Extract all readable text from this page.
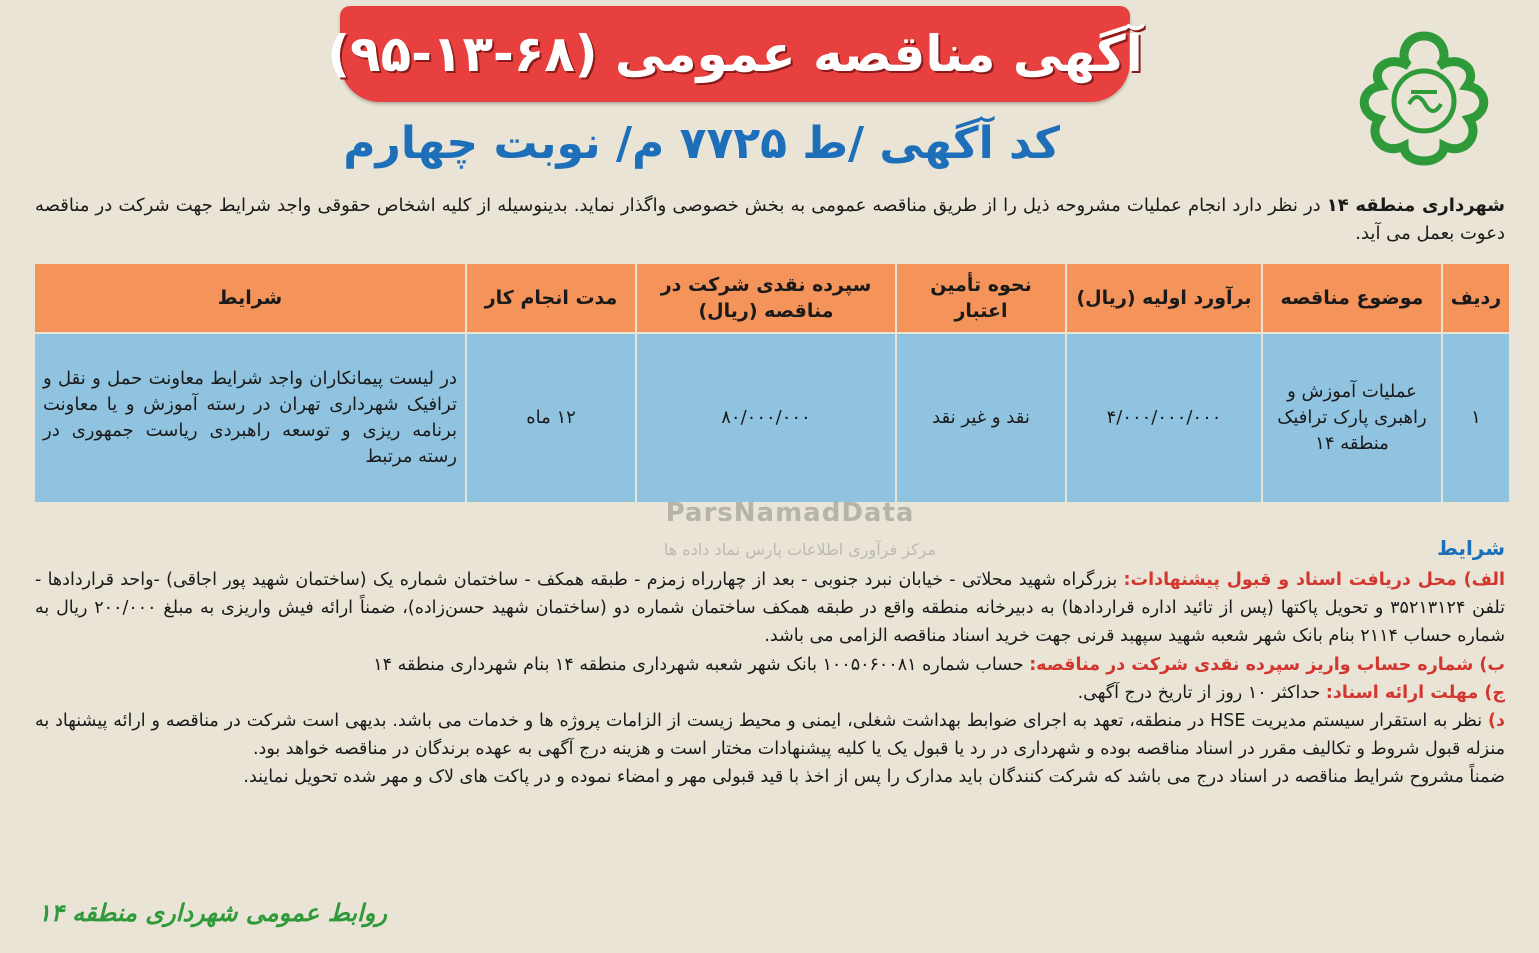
آگهی مناقصه عمومی (۶۸-۱۳-۹۵)
کد آگهی /ط ۷۷۲۵ م/ نوبت چهارم
شهرداری منطقه ۱۴ در نظر دارد انجام عملیات مشروحه ذیل را از طریق مناقصه عمومی به بخش خصوصی واگذار نماید. بدینوسیله از کلیه اشخاص حقوقی واجد شرایط جهت شرکت در مناقصه دعوت بعمل می آید.
ردیف	موضوع مناقصه	برآورد اولیه (ریال)	نحوه تأمین اعتبار	سپرده نقدی شرکت در مناقصه (ریال)	مدت انجام کار	شرایط
۱	عملیات آموزش و راهبری پارک ترافیک منطقه ۱۴	۴/۰۰۰/۰۰۰/۰۰۰	نقد و غیر نقد	۸۰/۰۰۰/۰۰۰	۱۲ ماه	در لیست پیمانکاران واجد شرایط معاونت حمل و نقل و ترافیک شهرداری تهران در رسته آموزش و یا معاونت برنامه ریزی و توسعه راهبردی ریاست جمهوری در رسته مرتبط
ParsNamadData
مرکز فرآوری اطلاعات پارس نماد داده ها	شرایط

الف) محل دریافت اسناد و قبول پیشنهادات: بزرگراه شهید محلاتی - خیابان نبرد جنوبی - بعد از چهارراه زمزم - طبقه همکف - ساختمان شماره یک (ساختمان شهید پور اجاقی) -واحد قراردادها - تلفن ۳۵۲۱۳۱۲۴ و تحویل پاکتها (پس از تائید اداره قراردادها) به دبیرخانه منطقه واقع در طبقه همکف ساختمان شماره دو (ساختمان شهید حسن‌زاده)، ضمناً ارائه فیش واریزی به مبلغ ۲۰۰/۰۰۰ ریال به شماره حساب ۲۱۱۴ بنام بانک شهر شعبه شهید سپهبد قرنی جهت خرید اسناد مناقصه الزامی می باشد.

ب) شماره حساب واریز سپرده نقدی شرکت در مناقصه: حساب شماره ۱۰۰۵۰۶۰۰۸۱ بانک شهر شعبه شهرداری منطقه ۱۴ بنام شهرداری منطقه ۱۴

ج) مهلت ارائه اسناد: حداکثر ۱۰ روز از تاریخ درج آگهی.

د) نظر به استقرار سیستم مدیریت HSE در منطقه، تعهد به اجرای ضوابط بهداشت شغلی، ایمنی و محیط زیست از الزامات پروژه ها و خدمات می باشد. بدیهی است شرکت در مناقصه و ارائه پیشنهاد به منزله قبول شروط و تکالیف مقرر در اسناد مناقصه بوده و شهرداری در رد یا قبول یک یا کلیه پیشنهادات مختار است و هزینه درج آگهی به عهده برندگان در مناقصه خواهد بود.

ضمناً مشروح شرایط مناقصه در اسناد درج می باشد که شرکت کنندگان باید مدارک را پس از اخذ با قید قبولی مهر و امضاء نموده و در پاکت های لاک و مهر شده تحویل نمایند.

روابط عمومی شهرداری منطقه ۱۴
